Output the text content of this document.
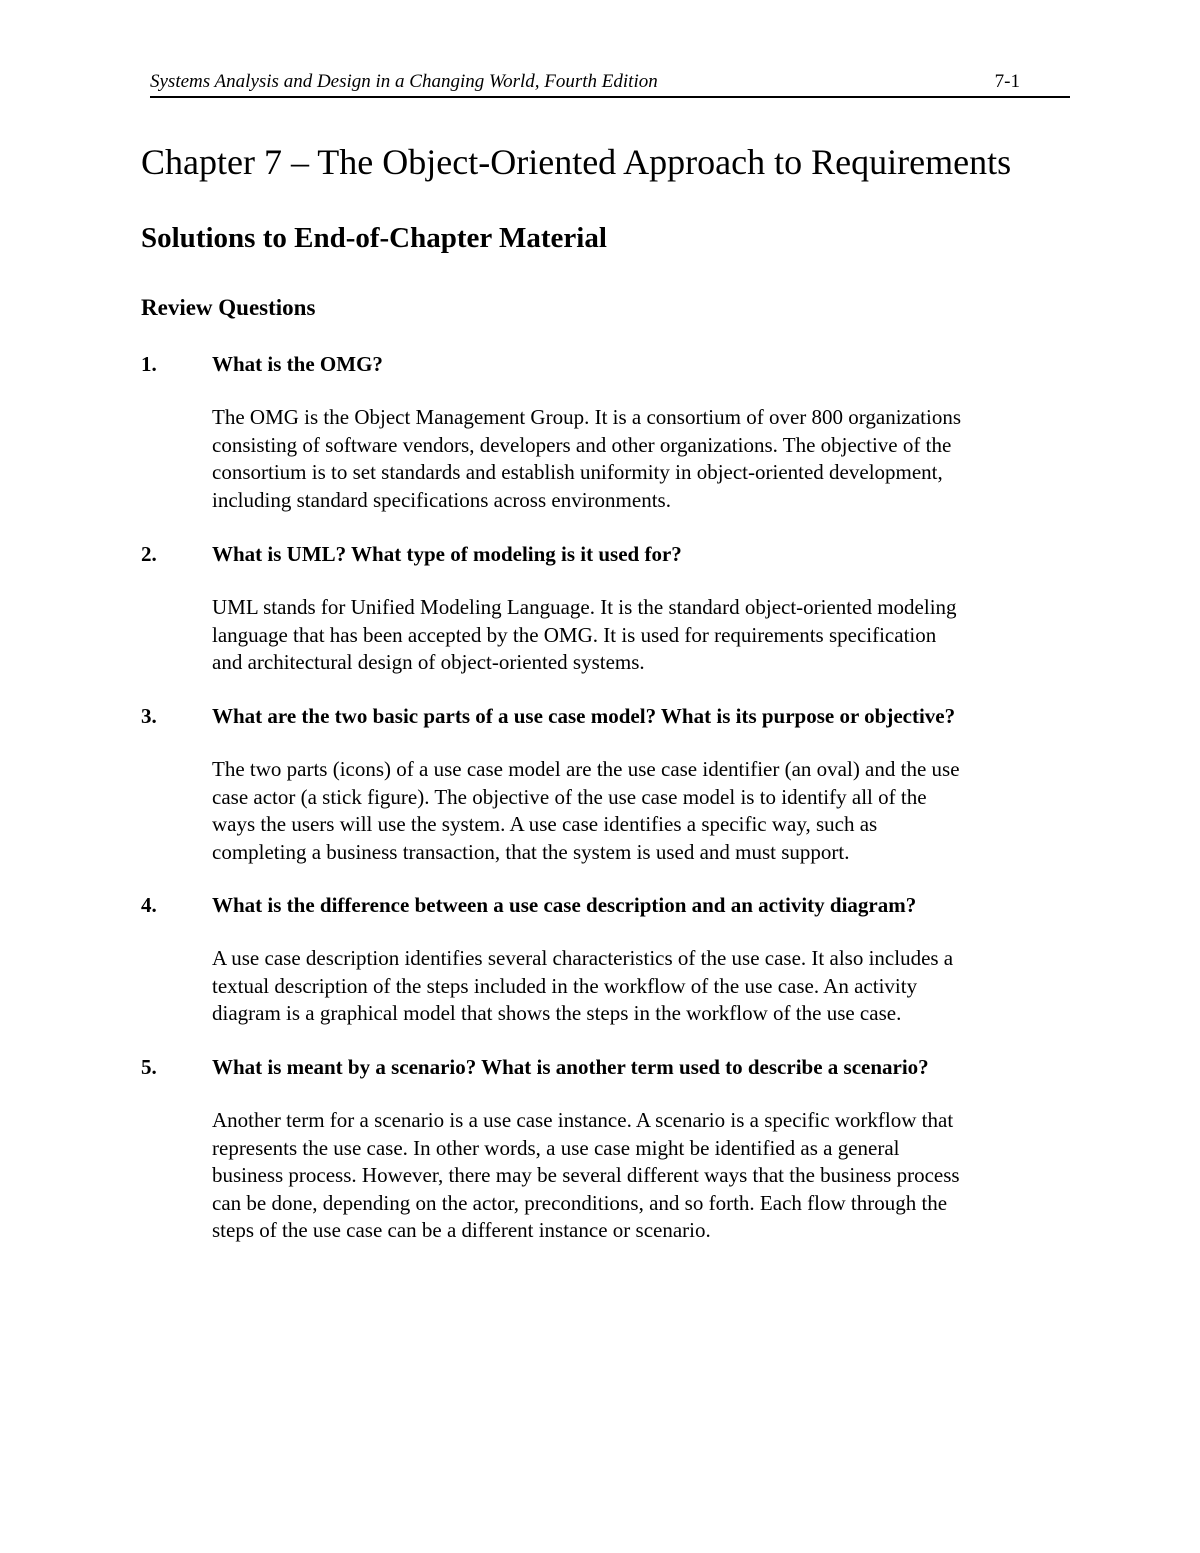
Systems Analysis and Design in a Changing World, Fourth Edition	7-1
Chapter 7 – The Object-Oriented Approach to Requirements
Solutions to End-of-Chapter Material
Review Questions
1.	What is the OMG?

The OMG is the Object Management Group. It is a consortium of over 800 organizations
consisting of software vendors, developers and other organizations. The objective of the
consortium is to set standards and establish uniformity in object-oriented development,
including standard specifications across environments.

2.	What is UML? What type of modeling is it used for?

UML stands for Unified Modeling Language. It is the standard object-oriented modeling
language that has been accepted by the OMG. It is used for requirements specification
and architectural design of object-oriented systems.

3.	What are the two basic parts of a use case model? What is its purpose or objective?

The two parts (icons) of a use case model are the use case identifier (an oval) and the use
case actor (a stick figure). The objective of the use case model is to identify all of the
ways the users will use the system. A use case identifies a specific way, such as
completing a business transaction, that the system is used and must support.

4.	What is the difference between a use case description and an activity diagram?

A use case description identifies several characteristics of the use case. It also includes a
textual description of the steps included in the workflow of the use case. An activity
diagram is a graphical model that shows the steps in the workflow of the use case.

5.	What is meant by a scenario? What is another term used to describe a scenario?

Another term for a scenario is a use case instance. A scenario is a specific workflow that
represents the use case. In other words, a use case might be identified as a general
business process. However, there may be several different ways that the business process
can be done, depending on the actor, preconditions, and so forth. Each flow through the
steps of the use case can be a different instance or scenario.
